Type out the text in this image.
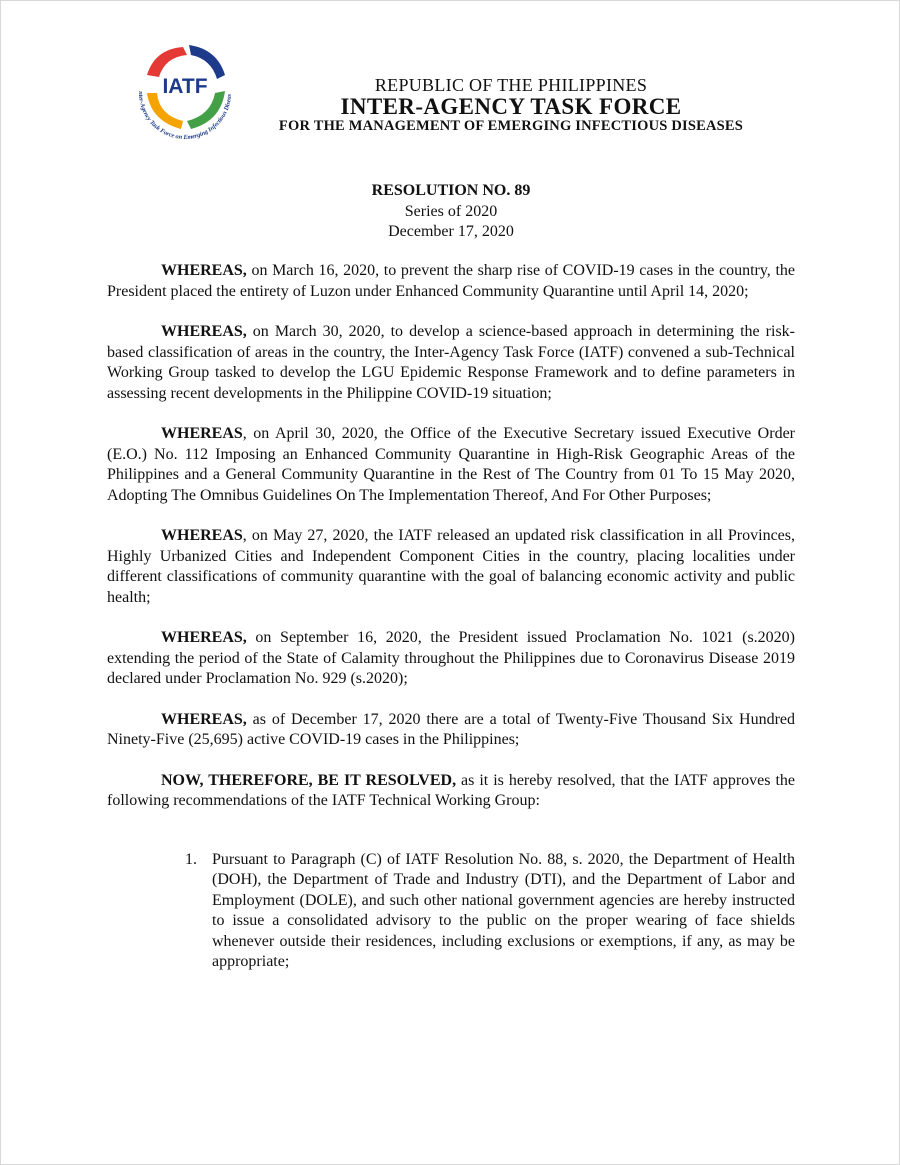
IATF
nter-Agency Task Force on Emerging Infectious Diseas
REPUBLIC OF THE PHILIPPINES
INTER-AGENCY TASK FORCE
FOR THE MANAGEMENT OF EMERGING INFECTIOUS DISEASES
RESOLUTION NO. 89
Series of 2020
December 17, 2020

WHEREAS, on March 16, 2020, to prevent the sharp rise of COVID-19 cases in the country, the President placed the entirety of Luzon under Enhanced Community Quarantine until April 14, 2020;

WHEREAS, on March 30, 2020, to develop a science-based approach in determining the risk-based classification of areas in the country, the Inter-Agency Task Force (IATF) convened a sub-Technical Working Group tasked to develop the LGU Epidemic Response Framework and to define parameters in assessing recent developments in the Philippine COVID-19 situation;

WHEREAS, on April 30, 2020, the Office of the Executive Secretary issued Executive Order (E.O.) No. 112 Imposing an Enhanced Community Quarantine in High-Risk Geographic Areas of the Philippines and a General Community Quarantine in the Rest of The Country from 01 To 15 May 2020, Adopting The Omnibus Guidelines On The Implementation Thereof, And For Other Purposes;

WHEREAS, on May 27, 2020, the IATF released an updated risk classification in all Provinces, Highly Urbanized Cities and Independent Component Cities in the country, placing localities under different classifications of community quarantine with the goal of balancing economic activity and public health;

WHEREAS, on September 16, 2020, the President issued Proclamation No. 1021 (s.2020) extending the period of the State of Calamity throughout the Philippines due to Coronavirus Disease 2019 declared under Proclamation No. 929 (s.2020);

WHEREAS, as of December 17, 2020 there are a total of Twenty-Five Thousand Six Hundred Ninety-Five (25,695) active COVID-19 cases in the Philippines;

NOW, THEREFORE, BE IT RESOLVED, as it is hereby resolved, that the IATF approves the following recommendations of the IATF Technical Working Group:

1. Pursuant to Paragraph (C) of IATF Resolution No. 88, s. 2020, the Department of Health (DOH), the Department of Trade and Industry (DTI), and the Department of Labor and Employment (DOLE), and such other national government agencies are hereby instructed to issue a consolidated advisory to the public on the proper wearing of face shields whenever outside their residences, including exclusions or exemptions, if any, as may be appropriate;
